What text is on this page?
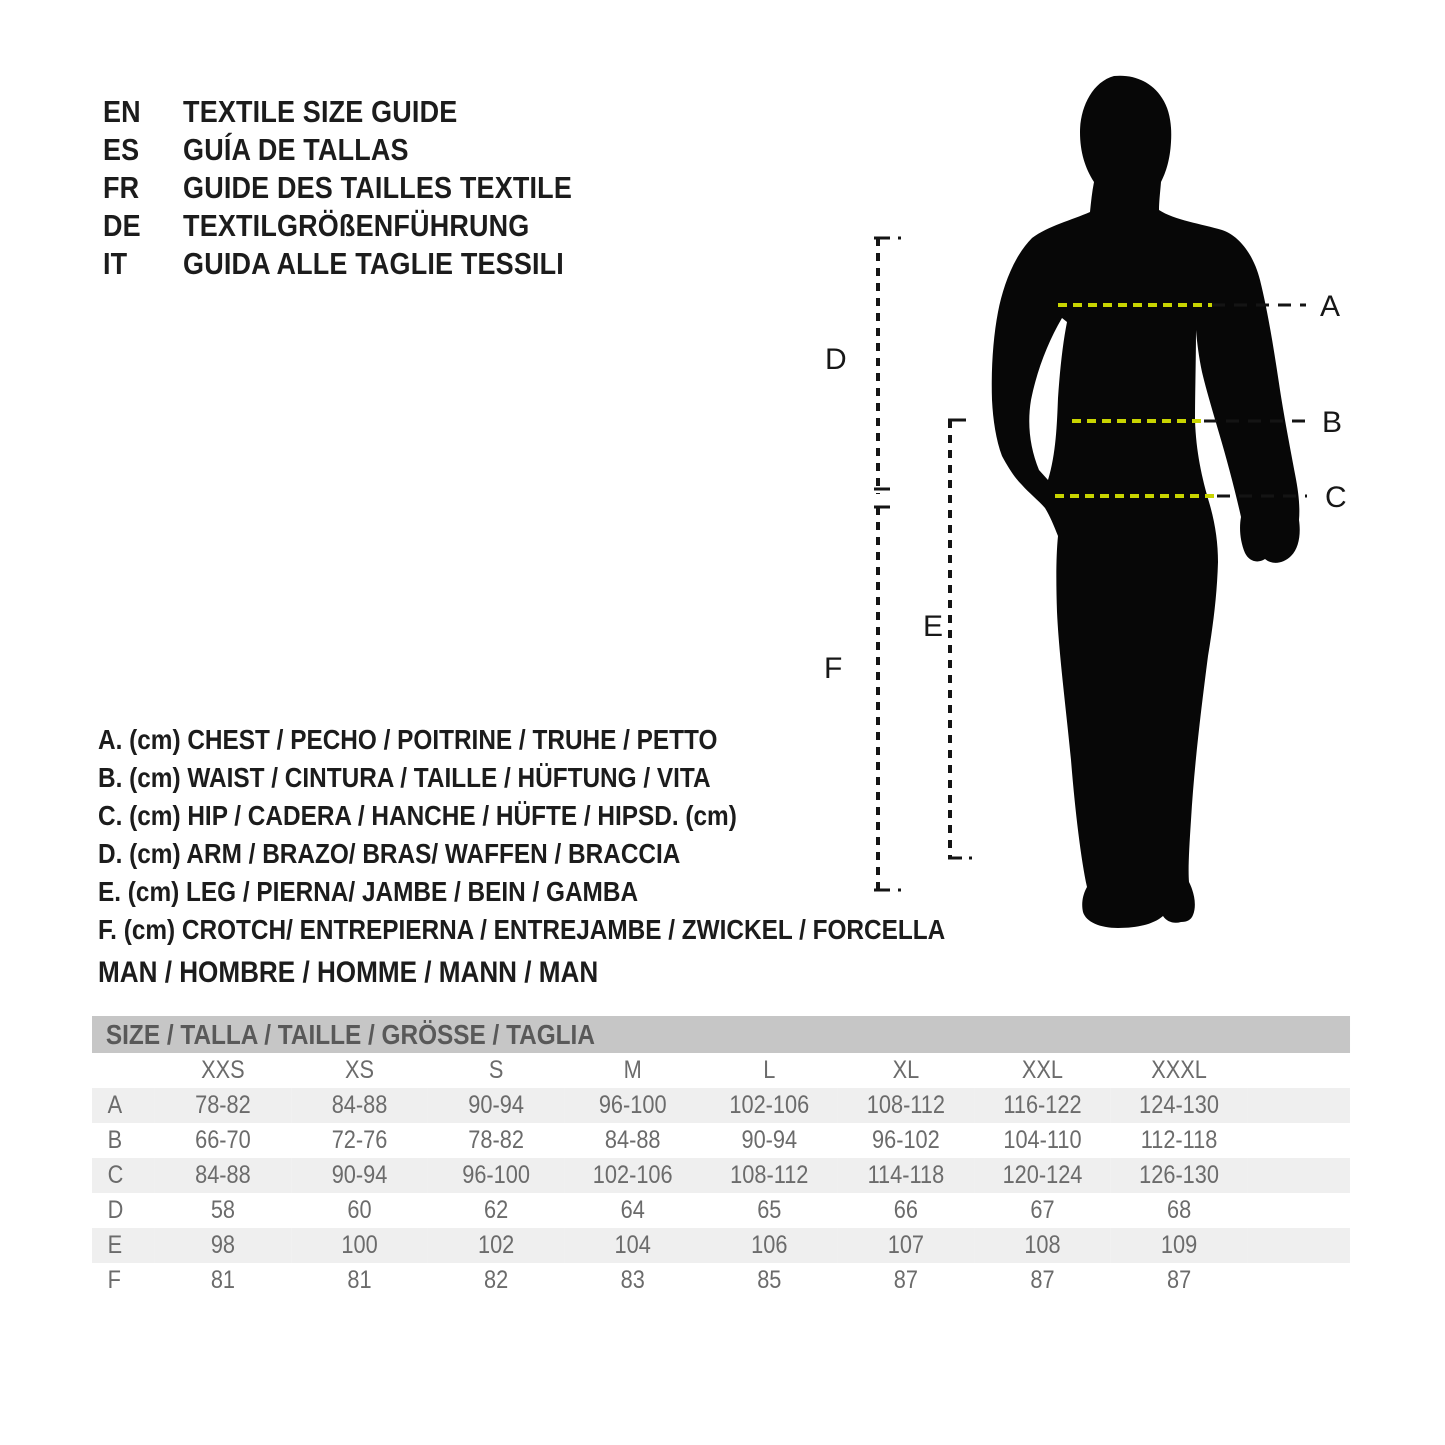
EN	TEXTILE SIZE GUIDE
ES	GUÍA DE TALLAS
FR	GUIDE DES TAILLES TEXTILE
DE	TEXTILGRÖßENFÜHRUNG
IT	GUIDA ALLE TAGLIE TESSILI
A. (cm) CHEST / PECHO / POITRINE / TRUHE / PETTO
B. (cm) WAIST / CINTURA / TAILLE / HÜFTUNG / VITA
C. (cm) HIP / CADERA / HANCHE / HÜFTE / HIPSD. (cm)
D. (cm) ARM / BRAZO/ BRAS/ WAFFEN / BRACCIA
E. (cm) LEG / PIERNA/ JAMBE / BEIN / GAMBA
F. (cm) CROTCH/ ENTREPIERNA / ENTREJAMBE / ZWICKEL / FORCELLA
MAN / HOMBRE / HOMME / MANN / MAN
A
B
C
D
E
F
SIZE / TALLA / TAILLE / GRÖSSE / TAGLIA
	XXS	XS	S	M	L	XL	XXL	XXXL	
A	78-82	84-88	90-94	96-100	102-106	108-112	116-122	124-130	
B	66-70	72-76	78-82	84-88	90-94	96-102	104-110	112-118	
C	84-88	90-94	96-100	102-106	108-112	114-118	120-124	126-130	
D	58	60	62	64	65	66	67	68	
E	98	100	102	104	106	107	108	109	
F	81	81	82	83	85	87	87	87	
